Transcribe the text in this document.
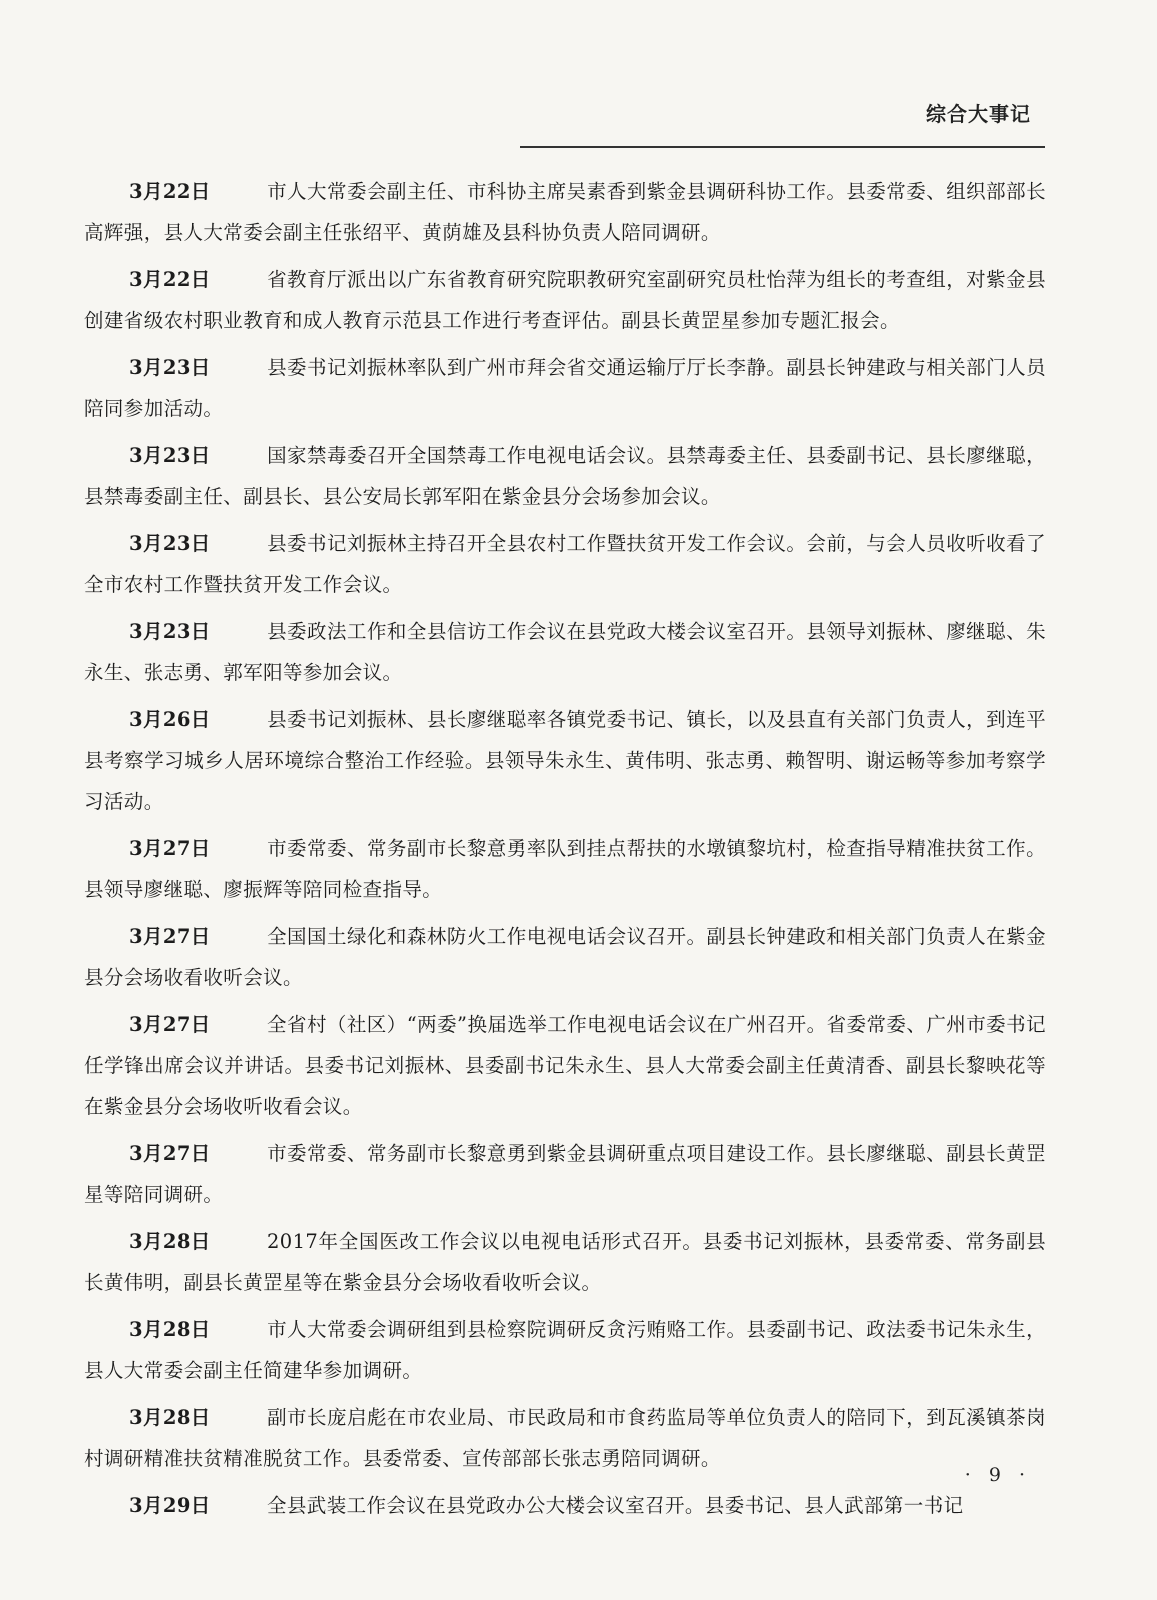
综合大事记

3月22日	市人大常委会副主任、市科协主席吴素香到紫金县调研科协工作。县委常委、组织部部长高辉强，县人大常委会副主任张绍平、黄荫雄及县科协负责人陪同调研。

3月22日	省教育厅派出以广东省教育研究院职教研究室副研究员杜怡萍为组长的考查组，对紫金县创建省级农村职业教育和成人教育示范县工作进行考查评估。副县长黄罡星参加专题汇报会。

3月23日	县委书记刘振林率队到广州市拜会省交通运输厅厅长李静。副县长钟建政与相关部门人员陪同参加活动。

3月23日	国家禁毒委召开全国禁毒工作电视电话会议。县禁毒委主任、县委副书记、县长廖继聪，县禁毒委副主任、副县长、县公安局长郭军阳在紫金县分会场参加会议。

3月23日	县委书记刘振林主持召开全县农村工作暨扶贫开发工作会议。会前，与会人员收听收看了全市农村工作暨扶贫开发工作会议。

3月23日	县委政法工作和全县信访工作会议在县党政大楼会议室召开。县领导刘振林、廖继聪、朱永生、张志勇、郭军阳等参加会议。

3月26日	县委书记刘振林、县长廖继聪率各镇党委书记、镇长，以及县直有关部门负责人，到连平县考察学习城乡人居环境综合整治工作经验。县领导朱永生、黄伟明、张志勇、赖智明、谢运畅等参加考察学习活动。

3月27日	市委常委、常务副市长黎意勇率队到挂点帮扶的水墩镇黎坑村，检查指导精准扶贫工作。县领导廖继聪、廖振辉等陪同检查指导。

3月27日	全国国土绿化和森林防火工作电视电话会议召开。副县长钟建政和相关部门负责人在紫金县分会场收看收听会议。

3月27日	全省村（社区）“两委”换届选举工作电视电话会议在广州召开。省委常委、广州市委书记任学锋出席会议并讲话。县委书记刘振林、县委副书记朱永生、县人大常委会副主任黄清香、副县长黎映花等在紫金县分会场收听收看会议。

3月27日	市委常委、常务副市长黎意勇到紫金县调研重点项目建设工作。县长廖继聪、副县长黄罡星等陪同调研。

3月28日	2017年全国医改工作会议以电视电话形式召开。县委书记刘振林，县委常委、常务副县长黄伟明，副县长黄罡星等在紫金县分会场收看收听会议。

3月28日	市人大常委会调研组到县检察院调研反贪污贿赂工作。县委副书记、政法委书记朱永生，县人大常委会副主任简建华参加调研。

3月28日	副市长庞启彪在市农业局、市民政局和市食药监局等单位负责人的陪同下，到瓦溪镇茶岗村调研精准扶贫精准脱贫工作。县委常委、宣传部部长张志勇陪同调研。

3月29日	全县武装工作会议在县党政办公大楼会议室召开。县委书记、县人武部第一书记

· 9 ·
